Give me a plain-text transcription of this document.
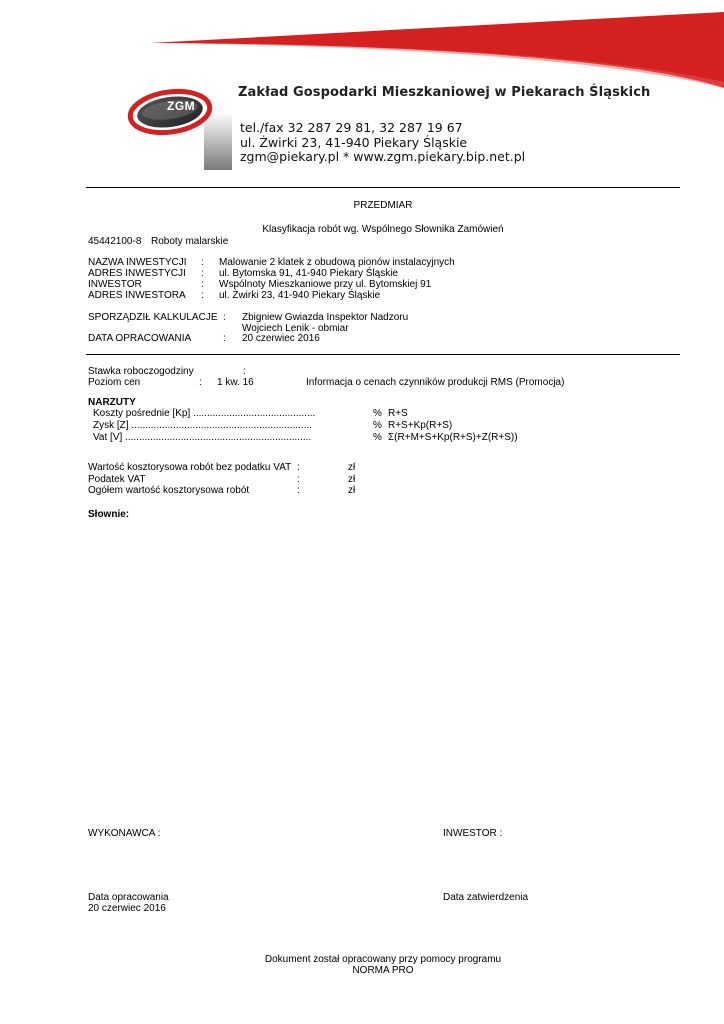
ZGM
Zakład Gospodarki Mieszkaniowej w Piekarach Śląskich
tel./fax 32 287 29 81, 32 287 19 67
ul. Żwirki 23, 41-940 Piekary Śląskie
zgm@piekary.pl * www.zgm.piekary.bip.net.pl
PRZEDMIAR
Klasyfikacja robót wg. Wspólnego Słownika Zamówień
45442100-8 Roboty malarskie
NAZWA INWESTYCJI : Malowanie 2 klatek z obudową pionów instalacyjnych
ADRES INWESTYCJI : ul. Bytomska 91, 41-940 Piekary Śląskie
INWESTOR	: Wspólnoty Mieszkaniowe przy ul. Bytomskiej 91
ADRES INWESTORA : ul. Żwirki 23, 41-940 Piekary Śląskie
SPORZĄDZIŁ KALKULACJE : Zbigniew Gwiazda Inspektor Nadzoru
Wojciech Lenik - obmiar
DATA OPRACOWANIA	: 20 czerwiec 2016
Stawka roboczogodziny	:
Poziom cen	: 1 kw. 16	Informacja o cenach czynników produkcji RMS (Promocja)
NARZUTY
Koszty pośrednie [Kp] ............................................	% R+S
Zysk [Z] .................................................................	% R+S+Kp(R+S)
Vat [V] ...................................................................	% Σ(R+M+S+Kp(R+S)+Z(R+S))
Wartość kosztorysowa robót bez podatku VAT :	zł
Podatek VAT	:	zł
Ogółem wartość kosztorysowa robót	:	zł
Słownie:
WYKONAWCA :	INWESTOR :
Data opracowania
20 czerwiec 2016
Data zatwierdzenia
Dokument został opracowany przy pomocy programu
NORMA PRO
